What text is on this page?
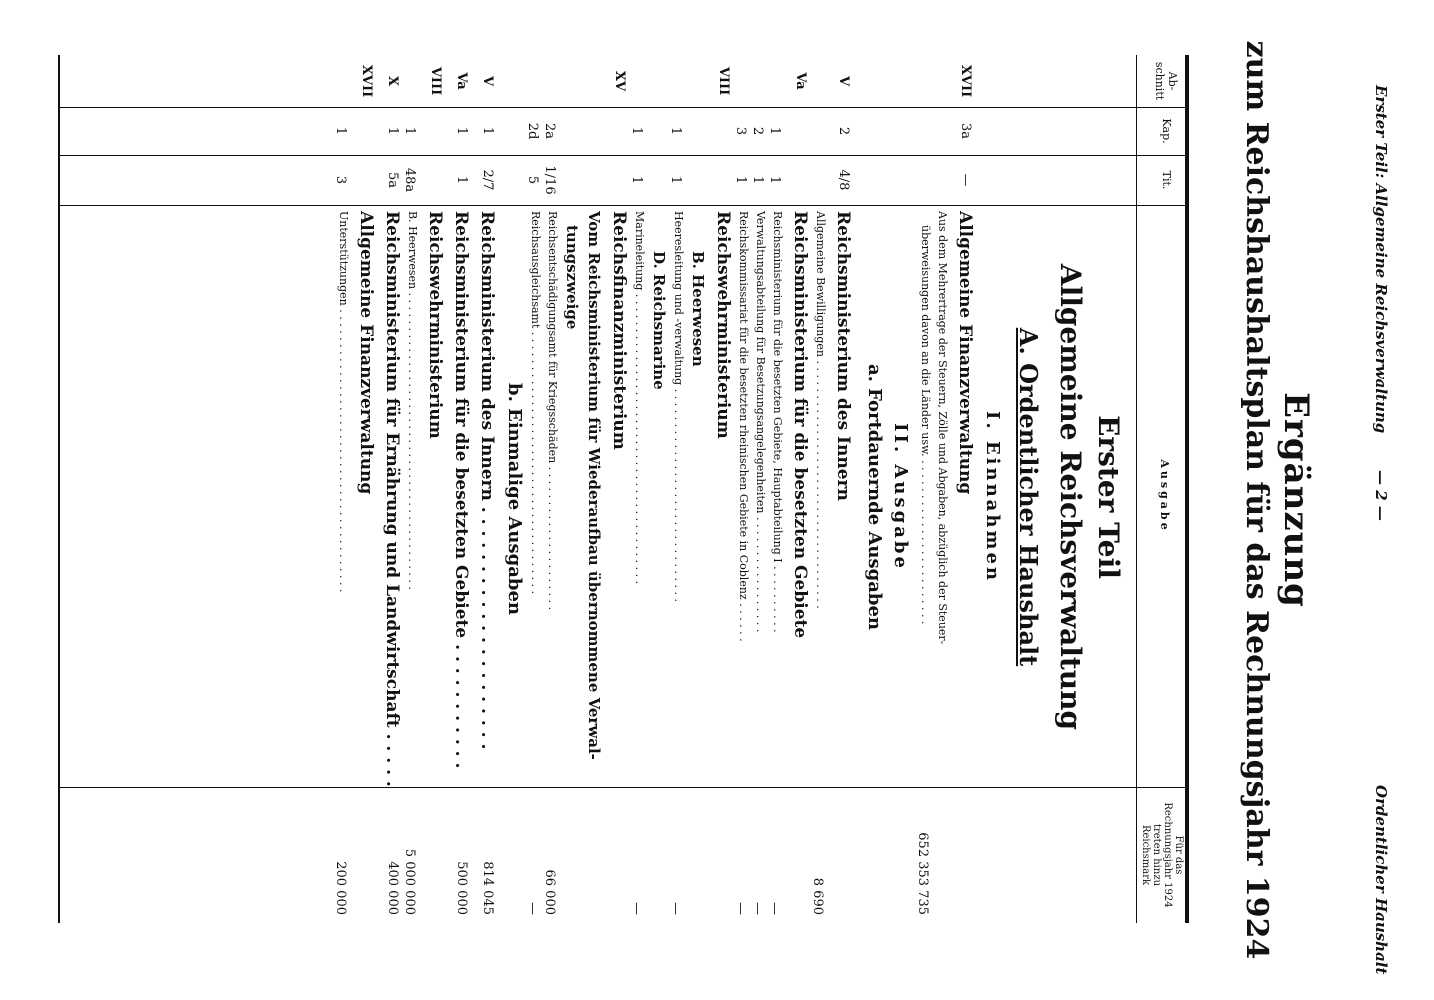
Erster Teil: Allgemeine Reichsverwaltung
— 2 —
Ordentlicher Haushalt
Ergänzung
zum Reichshaushaltsplan für das Rechnungsjahr 1924
Ab-
schnitt
Kap.
Tit.
Ausgabe
Für das
Rechnungsjahr 1924
treten hinzu
Reichsmark
Erster Teil
Allgemeine Reichsverwaltung
A. Ordentlicher Haushalt
I. Einnahmen
XVII
3a
—
Allgemeine Finanzverwaltung
Aus dem Mehrertrage der Steuern, Zölle und Abgaben, abzüglich der Steuer-
überweisungen davon an die Länder usw. . . . . . . . . . . . . . . . . . . . . . . . .
652 353 735
II. Ausgabe
a. Fortdauernde Ausgaben
V
2
4/8
Reichsministerium des Innern
Allgemeine Bewilligungen . . . . . . . . . . . . . . . . . . . . . . . . . . . . . . . . . . . .
8 690
Va
Reichsministerium für die besetzten Gebiete
1
1
Reichsministerium für die besetzten Gebiete, Hauptabteilung I . . . . . . . . . .
—
2
1
Verwaltungsabteilung für Besetzungsangelegenheiten . . . . . . . . . . . . . . . . .
—
3
1
Reichskommissariat für die besetzten rheinischen Gebiete in Coblenz . . . . . .
—
VIII
Reichswehrministerium
B. Heerwesen
1
1
Heeresleitung und -verwaltung . . . . . . . . . . . . . . . . . . . . . . . . . . . . . . .
—
D. Reichsmarine
1
1
Marineleitung . . . . . . . . . . . . . . . . . . . . . . . . . . . . . . . . . . . . . . . . . .
—
XV
Reichsfinanzministerium
Vom Reichsministerium für Wiederaufbau übernommene Verwal-
tungszweige
2a
1/16
Reichsentschädigungsamt für Kriegsschäden . . . . . . . . . . . . . . . . . . . . .
66 000
2d
5
Reichsausgleichsamt . . . . . . . . . . . . . . . . . . . . . . . . . . . . . . . . . . . . . .
—
b. Einmalige Ausgaben
V
1
2/7
Reichsministerium des Innern . . . . . . . . . . . . . . . . . . . . .
814 045
Va
1
1
Reichsministerium für die besetzten Gebiete . . . . . . . . . . .
500 000
VIII
Reichswehrministerium
1
48a
B. Heerwesen . . . . . . . . . . . . . . . . . . . . . . . . . . . . . . . . . . . . . . . . . . .
5 000 000
X
1
5a
Reichsministerium für Ernährung und Landwirtschaft . . . . .
400 000
XVII
Allgemeine Finanzverwaltung
1
3
Unterstützungen . . . . . . . . . . . . . . . . . . . . . . . . . . . . . . . . . . . . . . . . .
200 000
